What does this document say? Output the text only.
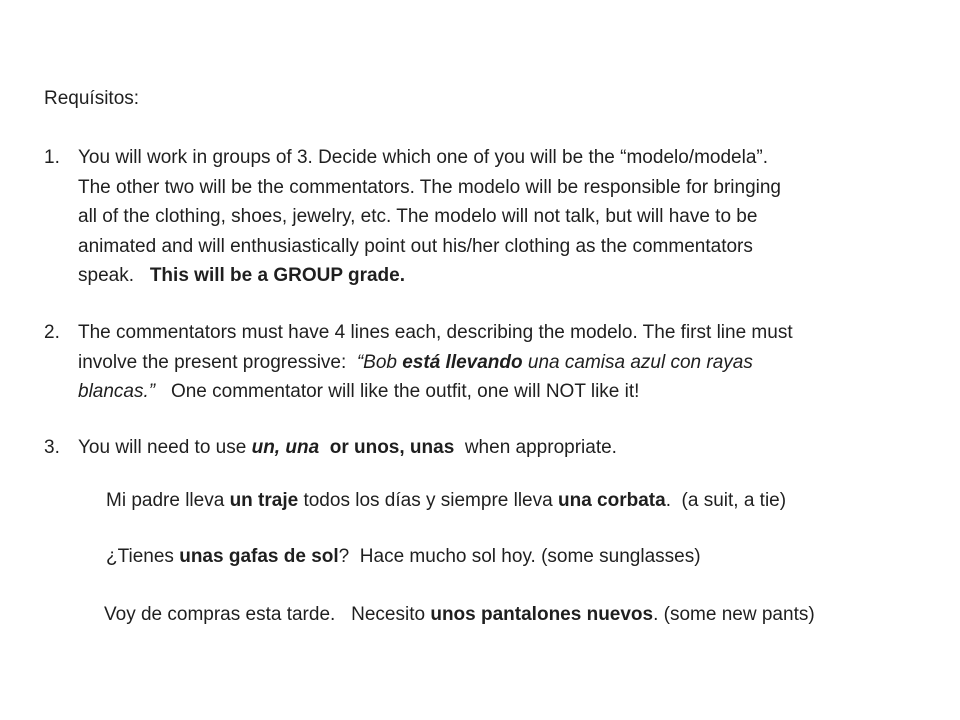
Requísitos:
1. You will work in groups of 3. Decide which one of you will be the “modelo/modela”.
The other two will be the commentators. The modelo will be responsible for bringing
all of the clothing, shoes, jewelry, etc. The modelo will not talk, but will have to be
animated and will enthusiastically point out his/her clothing as the commentators
speak.   This will be a GROUP grade.
2. The commentators must have 4 lines each, describing the modelo. The first line must
involve the present progressive:  “Bob está llevando una camisa azul con rayas
blancas.”   One commentator will like the outfit, one will NOT like it!
3. You will need to use un, una  or unos, unas  when appropriate.
Mi padre lleva un traje todos los días y siempre lleva una corbata.  (a suit, a tie)
¿Tienes unas gafas de sol?  Hace mucho sol hoy. (some sunglasses)
Voy de compras esta tarde.   Necesito unos pantalones nuevos. (some new pants)
